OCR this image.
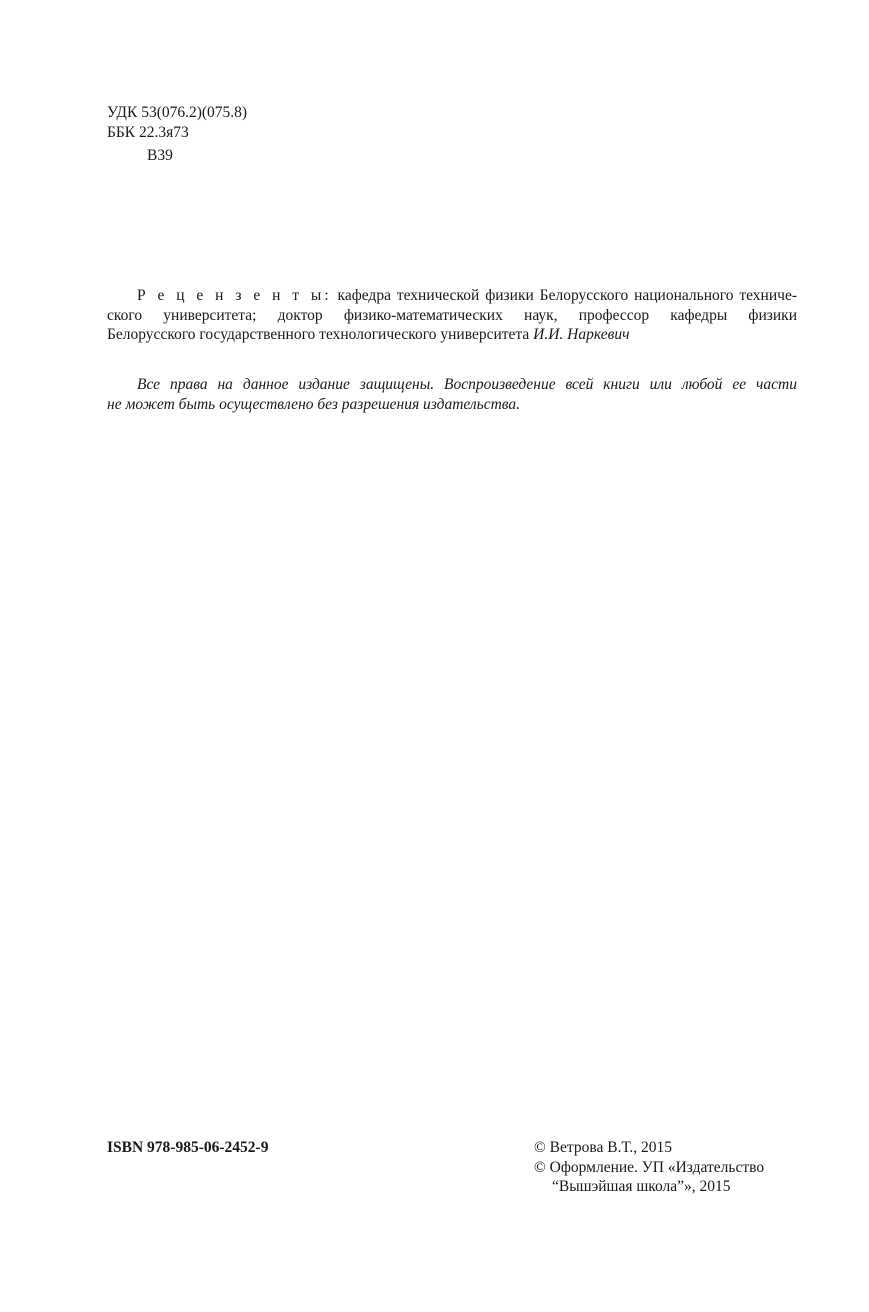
УДК 53(076.2)(075.8)
ББК 22.3я73
В39
Р е ц е н з е н т ы: кафедра технической физики Белорусского национального техниче-
ского университета; доктор физико-математических наук, профессор кафедры физики
Белорусского государственного технологического университета И.И. Наркевич
Все права на данное издание защищены. Воспроизведение всей книги или любой ее части
не может быть осуществлено без разрешения издательства.
ISBN 978-985-06-2452-9	© Ветрова В.Т., 2015
© Оформление. УП «Издательство
“Вышэйшая школа”», 2015
